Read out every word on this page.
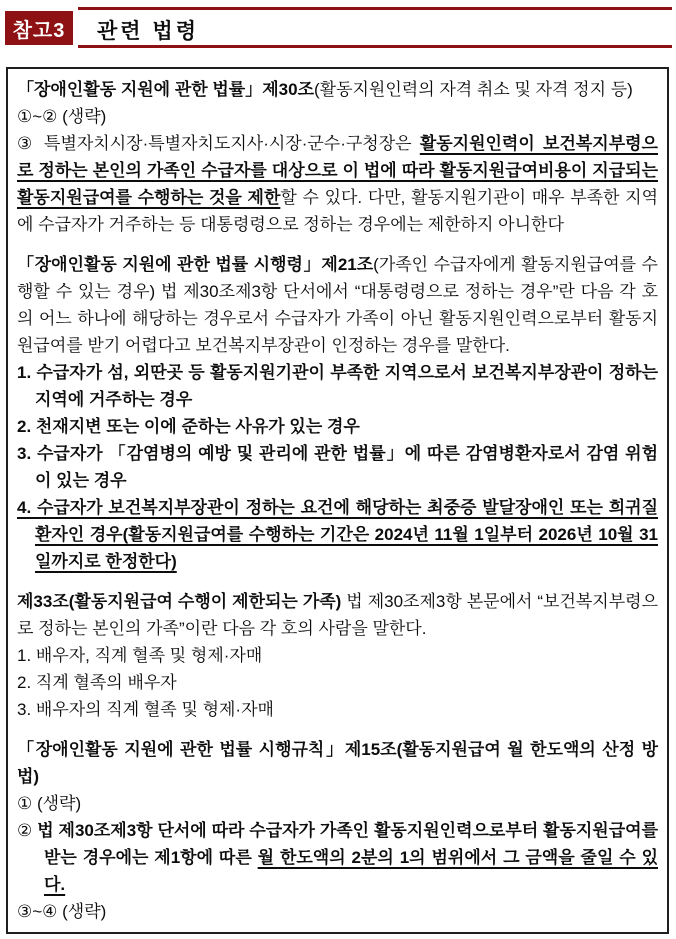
참고3	관련 법령
「장애인활동 지원에 관한 법률」제30조(활동지원인력의 자격 취소 및 자격 정지 등)
①~② (생략)
③ 특별자치시장·특별자치도지사·시장·군수·구청장은 활동지원인력이 보건복지부령으로 정하는 본인의 가족인 수급자를 대상으로 이 법에 따라 활동지원급여비용이 지급되는 활동지원급여를 수행하는 것을 제한할 수 있다. 다만, 활동지원기관이 매우 부족한 지역에 수급자가 거주하는 등 대통령령으로 정하는 경우에는 제한하지 아니한다
「장애인활동 지원에 관한 법률 시행령」제21조(가족인 수급자에게 활동지원급여를 수행할 수 있는 경우) 법 제30조제3항 단서에서 “대통령령으로 정하는 경우”란 다음 각 호의 어느 하나에 해당하는 경우로서 수급자가 가족이 아닌 활동지원인력으로부터 활동지원급여를 받기 어렵다고 보건복지부장관이 인정하는 경우를 말한다.
1. 수급자가 섬, 외딴곳 등 활동지원기관이 부족한 지역으로서 보건복지부장관이 정하는 지역에 거주하는 경우
2. 천재지변 또는 이에 준하는 사유가 있는 경우
3. 수급자가 「감염병의 예방 및 관리에 관한 법률」에 따른 감염병환자로서 감염 위험이 있는 경우
4. 수급자가 보건복지부장관이 정하는 요건에 해당하는 최중증 발달장애인 또는 희귀질환자인 경우(활동지원급여를 수행하는 기간은 2024년 11월 1일부터 2026년 10월 31일까지로 한정한다)
제33조(활동지원급여 수행이 제한되는 가족) 법 제30조제3항 본문에서 “보건복지부령으로 정하는 본인의 가족”이란 다음 각 호의 사람을 말한다.
1. 배우자, 직계 혈족 및 형제·자매
2. 직계 혈족의 배우자
3. 배우자의 직계 혈족 및 형제·자매
「장애인활동 지원에 관한 법률 시행규칙」제15조(활동지원급여 월 한도액의 산정 방법)
① (생략)
② 법 제30조제3항 단서에 따라 수급자가 가족인 활동지원인력으로부터 활동지원급여를 받는 경우에는 제1항에 따른 월 한도액의 2분의 1의 범위에서 그 금액을 줄일 수 있다.
③~④ (생략)
